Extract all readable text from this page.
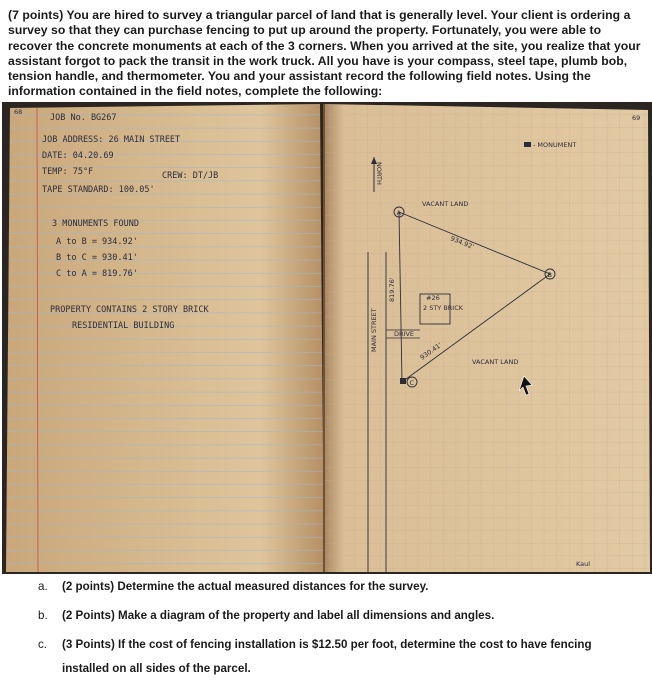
(7 points) You are hired to survey a triangular parcel of land that is generally level. Your client is ordering a survey so that they can purchase fencing to put up around the property. Fortunately, you were able to recover the concrete monuments at each of the 3 corners. When you arrived at the site, you realize that your assistant forgot to pack the transit in the work truck. All you have is your compass, steel tape, plumb bob, tension handle, and thermometer. You and your assistant record the following field notes. Using the information contained in the field notes, complete the following:
68
69
JOB No. BG267
JOB ADDRESS: 26 MAIN STREET
DATE: 04.20.69
TEMP: 75°F	CREW: DT/JB
TAPE STANDARD: 100.05'
3 MONUMENTS FOUND
A to B = 934.92'
B to C = 930.41'
C to A = 819.76'
PROPERTY CONTAINS 2 STORY BRICK
RESIDENTIAL BUILDING
- MONUMENT
NORTH
MAIN STREET
819.76'
A
B
C
VACANT LAND
934.92'
930.41'
VACANT LAND
#26
2 STY BRICK
DRIVE
Kaul
a. (2 points) Determine the actual measured distances for the survey.
b. (2 Points) Make a diagram of the property and label all dimensions and angles.
c. (3 Points) If the cost of fencing installation is $12.50 per foot, determine the cost to have fencing
installed on all sides of the parcel.
